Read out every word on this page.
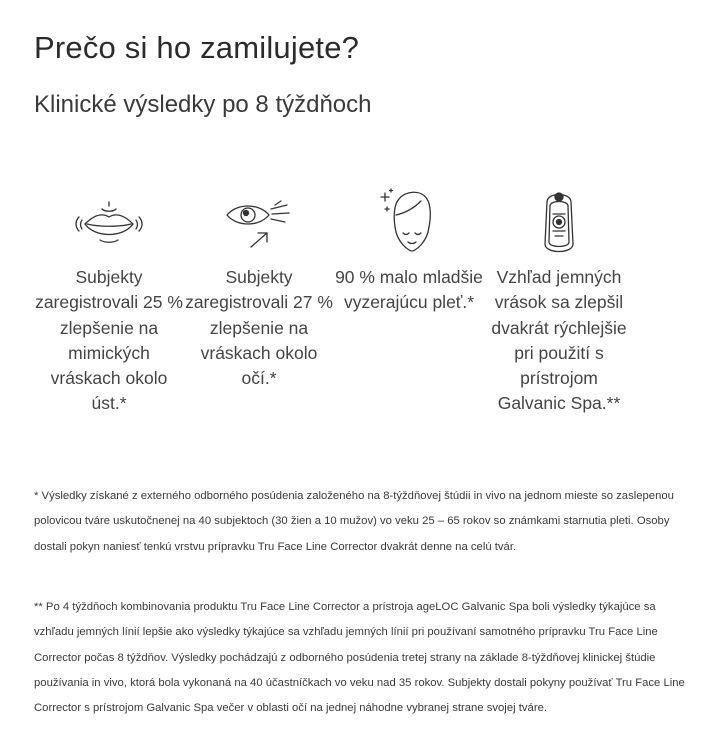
Prečo si ho zamilujete?
Klinické výsledky po 8 týždňoch
Subjekty zaregistrovali 25 % zlepšenie na mimických vráskach okolo úst.*
Subjekty zaregistrovali 27 % zlepšenie na vráskach okolo očí.*
90 % malo mladšie vyzerajúcu pleť.*
Vzhľad jemných vrások sa zlepšil dvakrát rýchlejšie pri použití s prístrojom Galvanic Spa.**

* Výsledky získané z externého odborného posúdenia založeného na 8-týždňovej štúdii in vivo na jednom mieste so zaslepenou polovicou tváre uskutočnenej na 40 subjektoch (30 žien a 10 mužov) vo veku 25 – 65 rokov so známkami starnutia pleti. Osoby dostali pokyn naniesť tenkú vrstvu prípravku Tru Face Line Corrector dvakrát denne na celú tvár.

** Po 4 týždňoch kombinovania produktu Tru Face Line Corrector a prístroja ageLOC Galvanic Spa boli výsledky týkajúce sa vzhľadu jemných línií lepšie ako výsledky týkajúce sa vzhľadu jemných línií pri používaní samotného prípravku Tru Face Line Corrector počas 8 týždňov. Výsledky pochádzajú z odborného posúdenia tretej strany na základe 8-týždňovej klinickej štúdie používania in vivo, ktorá bola vykonaná na 40 účastníčkach vo veku nad 35 rokov. Subjekty dostali pokyny používať Tru Face Line Corrector s prístrojom Galvanic Spa večer v oblasti očí na jednej náhodne vybranej strane svojej tváre.
